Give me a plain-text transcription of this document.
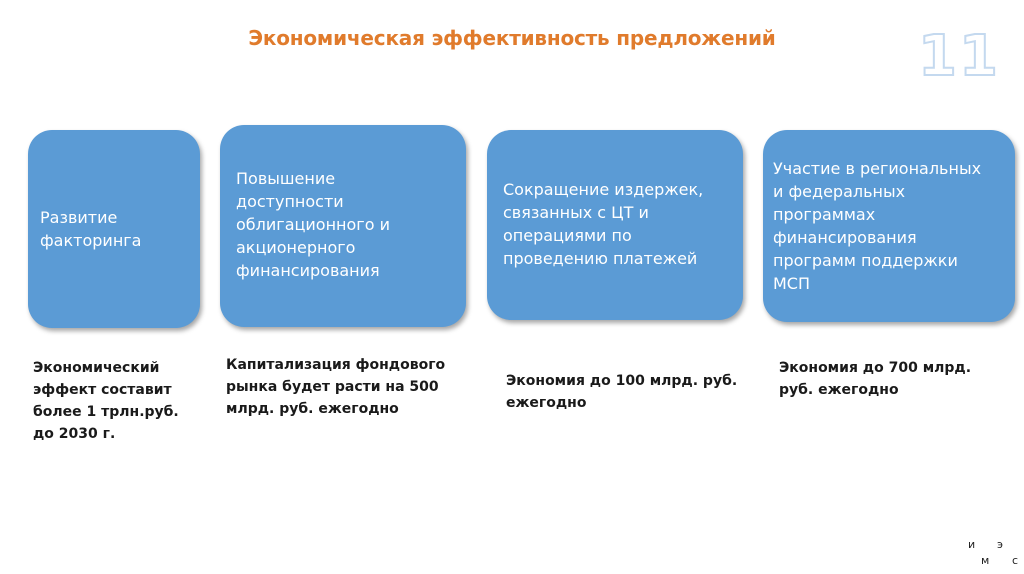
Экономическая эффективность предложений	11
Развитие
факторинга
Повышение
доступности
облигационного и
акционерного
финансирования
Сокращение издержек,
связанных с ЦТ и
операциями по
проведению платежей
Участие в региональных
и федеральных
программах
финансирования
программ поддержки
МСП
Экономический
эффект составит
более 1 трлн.руб.
до 2030 г.
Капитализация фондового
рынка будет расти на 500
млрд. руб. ежегодно
Экономия до 100 млрд. руб.
ежегодно
Экономия до 700 млрд.
руб. ежегодно
и
м
э
с
